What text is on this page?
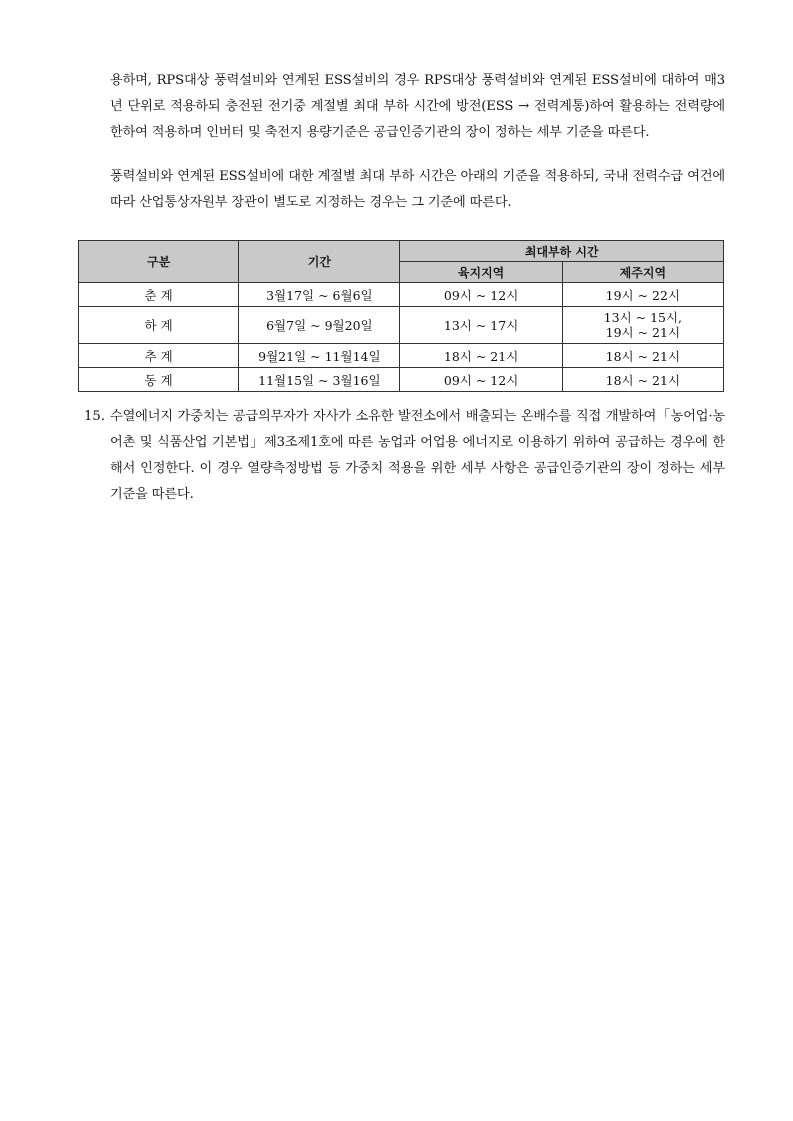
용하며, RPS대상 풍력설비와 연계된 ESS설비의 경우 RPS대상 풍력설비와 연계된 ESS설비에 대하여 매3년 단위로 적용하되 충전된 전기중 계절별 최대 부하 시간에 방전(ESS → 전력계통)하여 활용하는 전력량에 한하여 적용하며 인버터 및 축전지 용량기준은 공급인증기관의 장이 정하는 세부 기준을 따른다.

풍력설비와 연계된 ESS설비에 대한 계절별 최대 부하 시간은 아래의 기준을 적용하되, 국내 전력수급 여건에 따라 산업통상자원부 장관이 별도로 지정하는 경우는 그 기준에 따른다.

구분	기간	최대부하 시간	
		육지지역	제주지역
춘 계	3월17일 ~ 6월6일	09시 ~ 12시	19시 ~ 22시
하 계	6월7일 ~ 9월20일	13시 ~ 17시	13시 ~ 15시,
19시 ~ 21시

추 계	9월21일 ~ 11월14일	18시 ~ 21시	18시 ~ 21시
동 계	11월15일 ~ 3월16일	09시 ~ 12시	18시 ~ 21시
15. 수열에너지 가중치는 공급의무자가 자사가 소유한 발전소에서 배출되는 온배수를 직접 개발하여「농어업·농어촌 및 식품산업 기본법」제3조제1호에 따른 농업과 어업용 에너지로 이용하기 위하여 공급하는 경우에 한해서 인정한다. 이 경우 열량측정방법 등 가중치 적용을 위한 세부 사항은 공급인증기관의 장이 정하는 세부 기준을 따른다.
